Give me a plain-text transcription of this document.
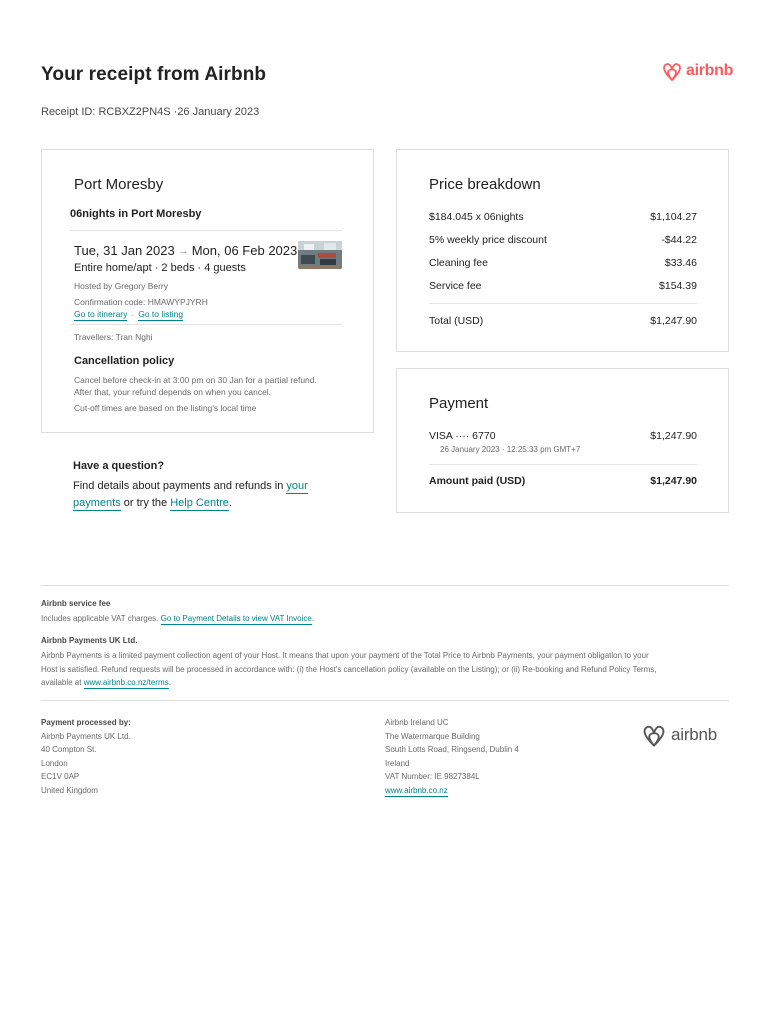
Your receipt from Airbnb	airbnb
Receipt ID: RCBXZ2PN4S ·26 January 2023
Port Moresby
06nights in Port Moresby
Tue, 31 Jan 2023 → Mon, 06 Feb 2023
Entire home/apt · 2 beds · 4 guests
Hosted by Gregory Berry
Confirmation code: HMAWYPJYRH
Go to itinerary · Go to listing
Travellers: Tran Nghi
Cancellation policy
Cancel before check-in at 3:00 pm on 30 Jan for a partial refund.
After that, your refund depends on when you cancel.
Cut-off times are based on the listing's local time
Price breakdown
$184.045 x 06nights	$1,104.27
5% weekly price discount	-$44.22
Cleaning fee	$33.46
Service fee	$154.39
Total (USD)	$1,247.90
Payment
VISA ···· 6770	$1,247.90
26 January 2023 · 12:25:33 pm GMT+7
Amount paid (USD)	$1,247.90
Have a question?
Find details about payments and refunds in your payments or try the Help Centre.
Airbnb service fee
Includes applicable VAT charges. Go to Payment Details to view VAT Invoice.
Airbnb Payments UK Ltd.
Airbnb Payments is a limited payment collection agent of your Host. It means that upon your payment of the Total Price to Airbnb Payments, your payment obligation to your
Host is satisfied. Refund requests will be processed in accordance with: (i) the Host's cancellation policy (available on the Listing); or (ii) Re-booking and Refund Policy Terms,
available at www.airbnb.co.nz/terms.
Payment processed by:
Airbnb Payments UK Ltd.
40 Compton St.
London
EC1V 0AP
United Kingdom
Airbnb Ireland UC
The Watermarque Building
South Lotts Road, Ringsend, Dublin 4
Ireland
VAT Number: IE 9827384L
www.airbnb.co.nz
airbnb
